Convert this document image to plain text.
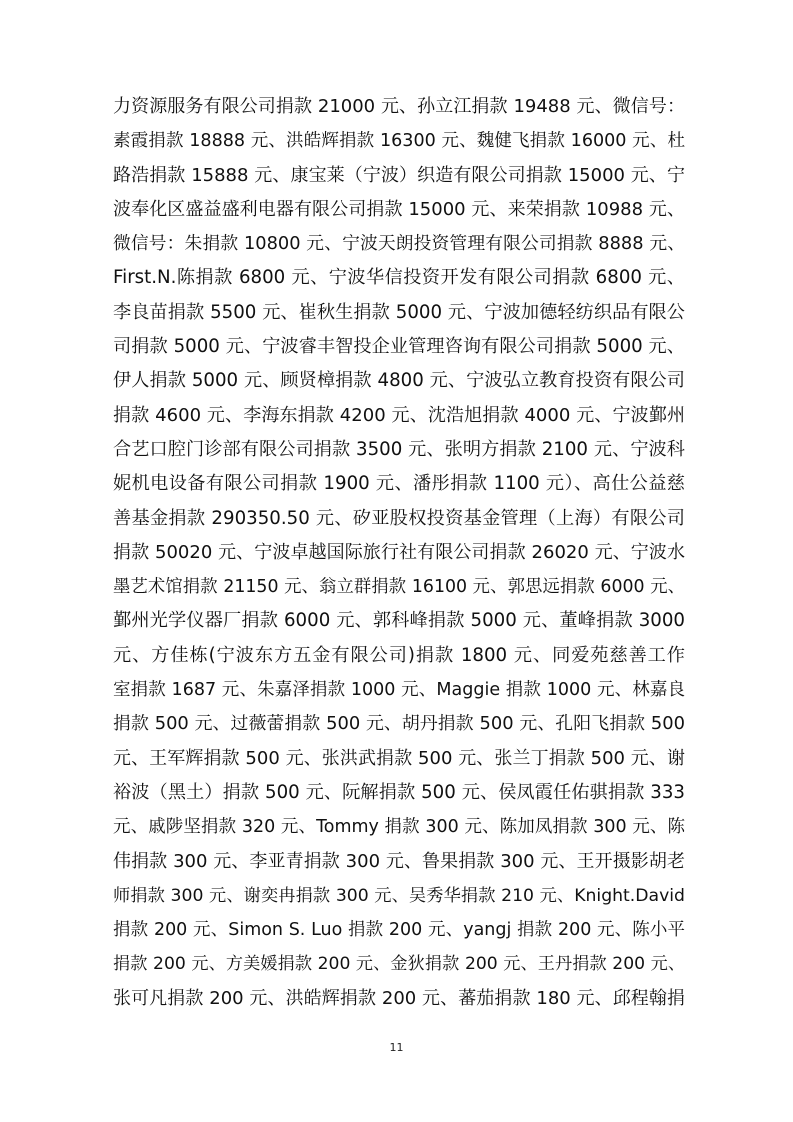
力资源服务有限公司捐款 21000 元、孙立江捐款 19488 元、微信号：
素霞捐款 18888 元、洪皓辉捐款 16300 元、魏健飞捐款 16000 元、杜
路浩捐款 15888 元、康宝莱（宁波）织造有限公司捐款 15000 元、宁
波奉化区盛益盛利电器有限公司捐款 15000 元、来荣捐款 10988 元、
微信号：朱捐款 10800 元、宁波天朗投资管理有限公司捐款 8888 元、
First.N.陈捐款 6800 元、宁波华信投资开发有限公司捐款 6800 元、
李良苗捐款 5500 元、崔秋生捐款 5000 元、宁波加德轻纺织品有限公
司捐款 5000 元、宁波睿丰智投企业管理咨询有限公司捐款 5000 元、
伊人捐款 5000 元、顾贤樟捐款 4800 元、宁波弘立教育投资有限公司
捐款 4600 元、李海东捐款 4200 元、沈浩旭捐款 4000 元、宁波鄞州
合艺口腔门诊部有限公司捐款 3500 元、张明方捐款 2100 元、宁波科
妮机电设备有限公司捐款 1900 元、潘彤捐款 1100 元）、高仕公益慈
善基金捐款 290350.50 元、矽亚股权投资基金管理（上海）有限公司
捐款 50020 元、宁波卓越国际旅行社有限公司捐款 26020 元、宁波水
墨艺术馆捐款 21150 元、翁立群捐款 16100 元、郭思远捐款 6000 元、
鄞州光学仪器厂捐款 6000 元、郭科峰捐款 5000 元、董峰捐款 3000
元、方佳栋(宁波东方五金有限公司)捐款 1800 元、同爱苑慈善工作
室捐款 1687 元、朱嘉泽捐款 1000 元、Maggie 捐款 1000 元、林嘉良
捐款 500 元、过薇蕾捐款 500 元、胡丹捐款 500 元、孔阳飞捐款 500
元、王军辉捐款 500 元、张洪武捐款 500 元、张兰丁捐款 500 元、谢
裕波（黑土）捐款 500 元、阮解捐款 500 元、侯凤霞任佑骐捐款 333
元、戚陟坚捐款 320 元、Tommy 捐款 300 元、陈加凤捐款 300 元、陈
伟捐款 300 元、李亚青捐款 300 元、鲁果捐款 300 元、王开摄影胡老
师捐款 300 元、谢奕冉捐款 300 元、吴秀华捐款 210 元、Knight.David
捐款 200 元、Simon S. Luo 捐款 200 元、yangj 捐款 200 元、陈小平
捐款 200 元、方美媛捐款 200 元、金狄捐款 200 元、王丹捐款 200 元、
张可凡捐款 200 元、洪皓辉捐款 200 元、蕃茄捐款 180 元、邱程翰捐
11
